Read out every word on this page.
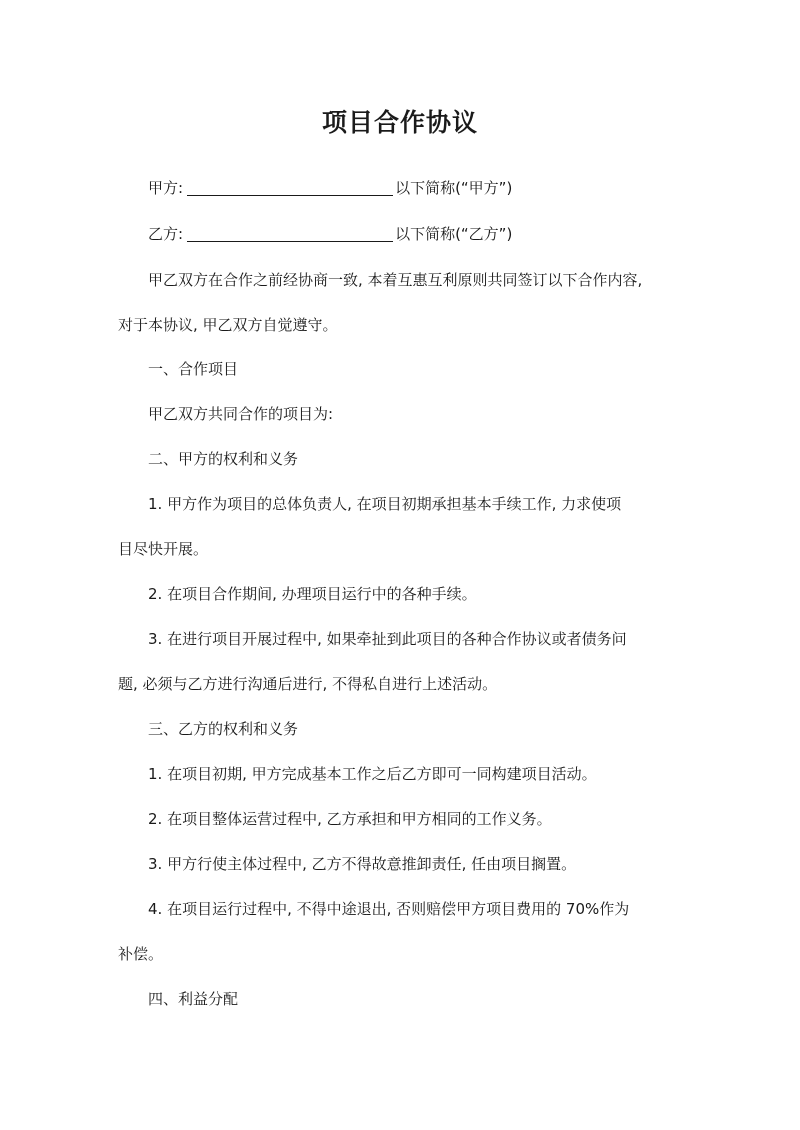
项目合作协议
甲方:	以下简称(“甲方”)
乙方:	以下简称(“乙方”)
甲乙双方在合作之前经协商一致, 本着互惠互利原则共同签订以下合作内容,
对于本协议, 甲乙双方自觉遵守。
一、合作项目
甲乙双方共同合作的项目为:
二、甲方的权利和义务
1. 甲方作为项目的总体负责人, 在项目初期承担基本手续工作, 力求使项
目尽快开展。
2. 在项目合作期间, 办理项目运行中的各种手续。
3. 在进行项目开展过程中, 如果牵扯到此项目的各种合作协议或者债务问
题, 必须与乙方进行沟通后进行, 不得私自进行上述活动。
三、乙方的权利和义务
1. 在项目初期, 甲方完成基本工作之后乙方即可一同构建项目活动。
2. 在项目整体运营过程中, 乙方承担和甲方相同的工作义务。
3. 甲方行使主体过程中, 乙方不得故意推卸责任, 任由项目搁置。
4. 在项目运行过程中, 不得中途退出, 否则赔偿甲方项目费用的 70%作为
补偿。
四、利益分配
